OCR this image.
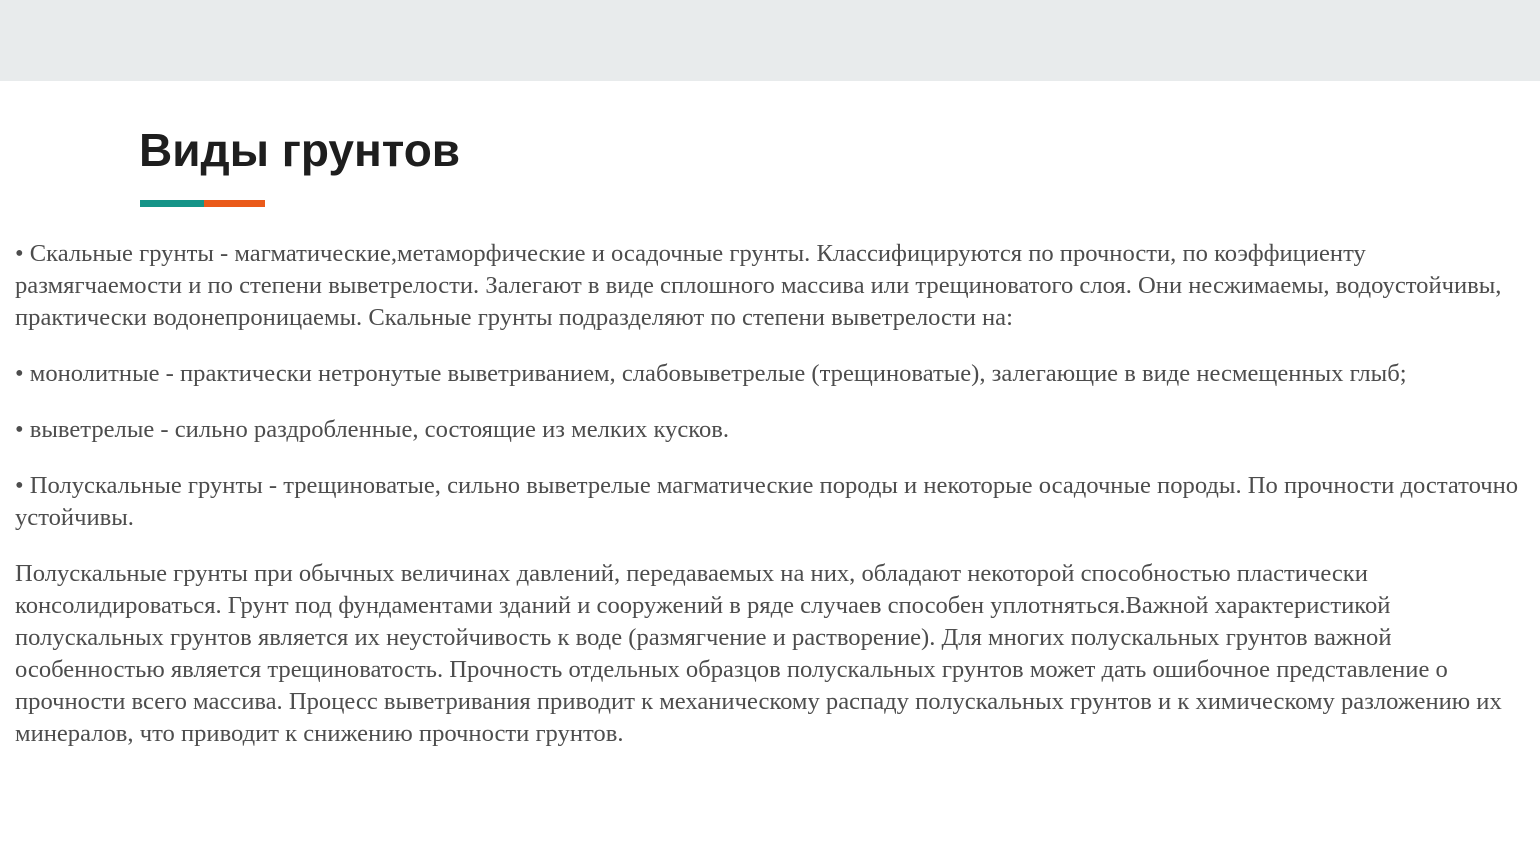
Виды грунтов

• Скальные грунты - магматические,метаморфические и осадочные грунты. Классифицируются по прочности, по коэффициенту размягчаемости и по степени выветрелости. Залегают в виде сплошного массива или трещиноватого слоя. Они несжимаемы, водоустойчивы, практически водонепроницаемы. Скальные грунты подразделяют по степени выветрелости на:

• монолитные - практически нетронутые выветриванием, слабовыветрелые (трещиноватые), залегающие в виде несмещенных глыб;

• выветрелые - сильно раздробленные, состоящие из мелких кусков.

• Полускальные грунты - трещиноватые, сильно выветрелые магматические породы и некоторые осадочные породы. По прочности достаточно устойчивы.

Полускальные грунты при обычных величинах давлений, передаваемых на них, обладают некоторой способностью пластически консолидироваться. Грунт под фундаментами зданий и сооружений в ряде случаев способен уплотняться.Важной характеристикой полускальных грунтов является их неустойчивость к воде (размягчение и растворение). Для многих полускальных грунтов важной особенностью является трещиноватость. Прочность отдельных образцов полускальных грунтов может дать ошибочное представление о прочности всего массива. Процесс выветривания приводит к механическому распаду полускальных грунтов и к химическому разложению их минералов, что приводит к снижению прочности грунтов.
